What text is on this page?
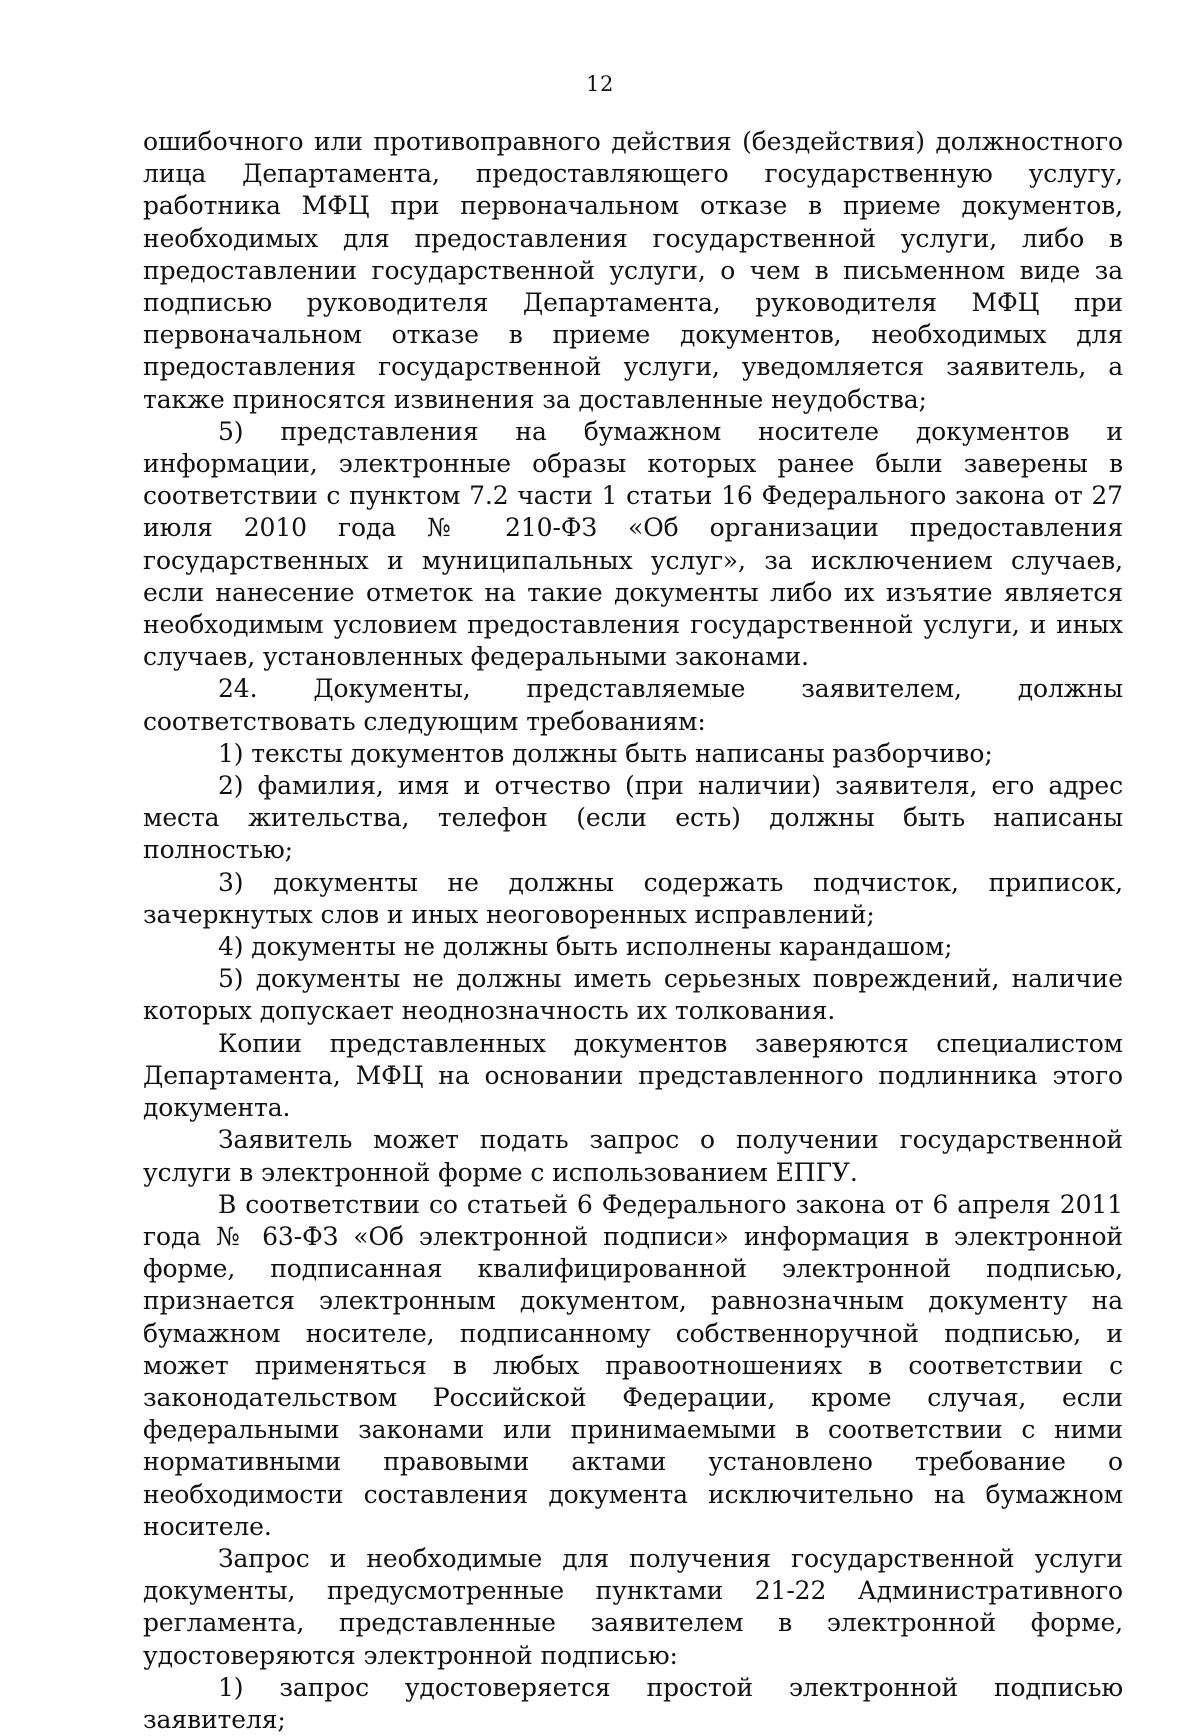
12

ошибочного или противоправного действия (бездействия) должностного лица Департамента, предоставляющего государственную услугу, работника МФЦ при первоначальном отказе в приеме документов, необходимых для предоставления государственной услуги, либо в предоставлении государственной услуги, о чем в письменном виде за подписью руководителя Департамента, руководителя МФЦ при первоначальном отказе в приеме документов, необходимых для предоставления государственной услуги, уведомляется заявитель, а также приносятся извинения за доставленные неудобства;

5) представления на бумажном носителе документов и информации, электронные образы которых ранее были заверены в соответствии с пунктом 7.2 части 1 статьи 16 Федерального закона от 27 июля 2010 года № 210-ФЗ «Об организации предоставления государственных и муниципальных услуг», за исключением случаев, если нанесение отметок на такие документы либо их изъятие является необходимым условием предоставления государственной услуги, и иных случаев, установленных федеральными законами.

24. Документы, представляемые заявителем, должны соответствовать следующим требованиям:

1) тексты документов должны быть написаны разборчиво;

2) фамилия, имя и отчество (при наличии) заявителя, его адрес места жительства, телефон (если есть) должны быть написаны полностью;

3) документы не должны содержать подчисток, приписок, зачеркнутых слов и иных неоговоренных исправлений;

4) документы не должны быть исполнены карандашом;

5) документы не должны иметь серьезных повреждений, наличие которых допускает неоднозначность их толкования.

Копии представленных документов заверяются специалистом Департамента, МФЦ на основании представленного подлинника этого документа.

Заявитель может подать запрос о получении государственной услуги в электронной форме с использованием ЕПГУ.

В соответствии со статьей 6 Федерального закона от 6 апреля 2011 года № 63-ФЗ «Об электронной подписи» информация в электронной форме, подписанная квалифицированной электронной подписью, признается электронным документом, равнозначным документу на бумажном носителе, подписанному собственноручной подписью, и может применяться в любых правоотношениях в соответствии с законодательством Российской Федерации, кроме случая, если федеральными законами или принимаемыми в соответствии с ними нормативными правовыми актами установлено требование о необходимости составления документа исключительно на бумажном носителе.

Запрос и необходимые для получения государственной услуги документы, предусмотренные пунктами 21-22 Административного регламента, представленные заявителем в электронной форме, удостоверяются электронной подписью:

1) запрос удостоверяется простой электронной подписью заявителя;
